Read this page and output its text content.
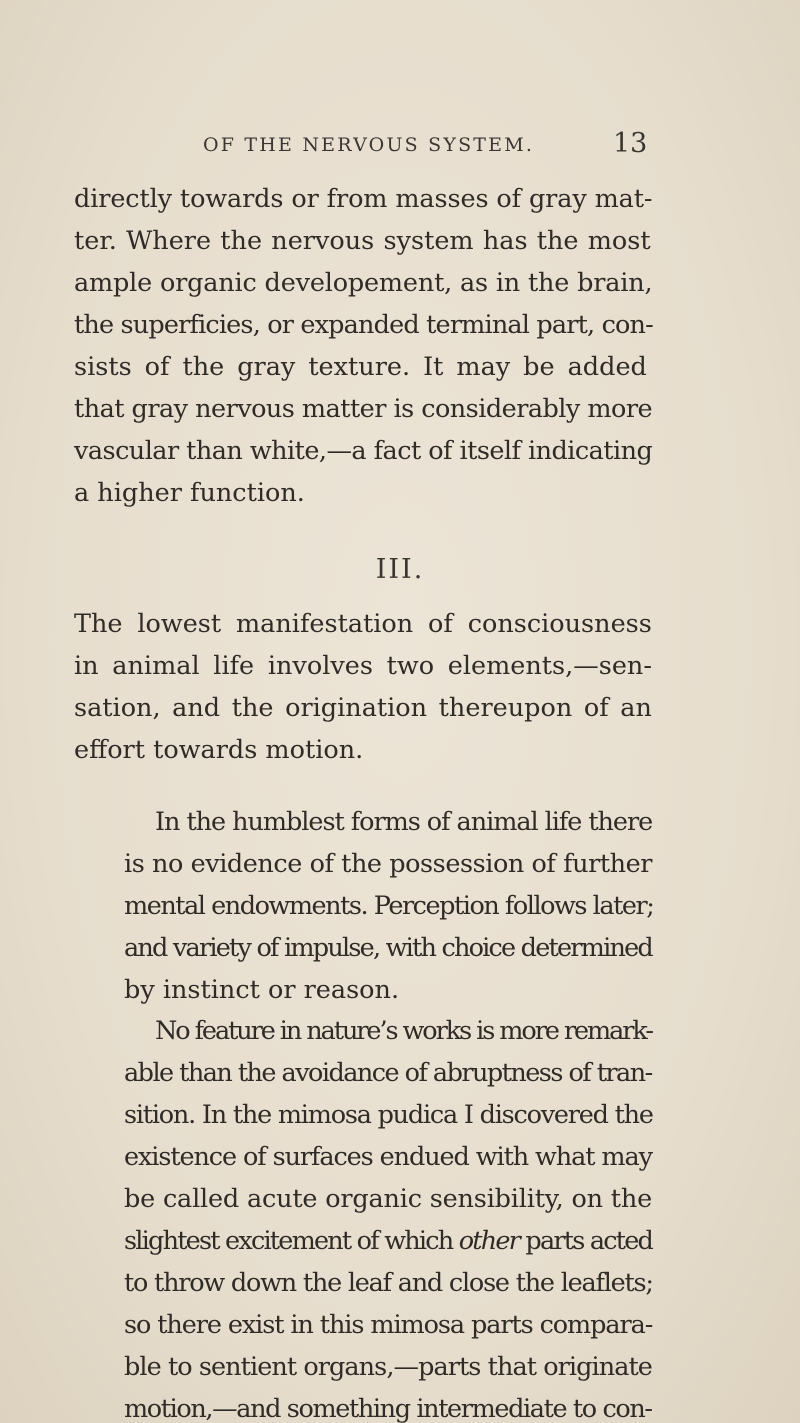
OF THE NERVOUS SYSTEM.	13
directly towards or from masses of gray mat-
ter. Where the nervous system has the most
ample organic developement, as in the brain,
the superficies, or expanded terminal part, con-
sists of the gray texture. It may be added
that gray nervous matter is considerably more
vascular than white,—a fact of itself indicating
a higher function.
III.
The lowest manifestation of consciousness
in animal life involves two elements,—sen-
sation, and the origination thereupon of an
effort towards motion.
In the humblest forms of animal life there
is no evidence of the possession of further
mental endowments. Perception follows later;
and variety of impulse, with choice determined
by instinct or reason.
No feature in nature’s works is more remark-
able than the avoidance of abruptness of tran-
sition. In the mimosa pudica I discovered the
existence of surfaces endued with what may
be called acute organic sensibility, on the
slightest excitement of which other parts acted
to throw down the leaf and close the leaflets;
so there exist in this mimosa parts compara-
ble to sentient organs,—parts that originate
motion,—and something intermediate to con-
